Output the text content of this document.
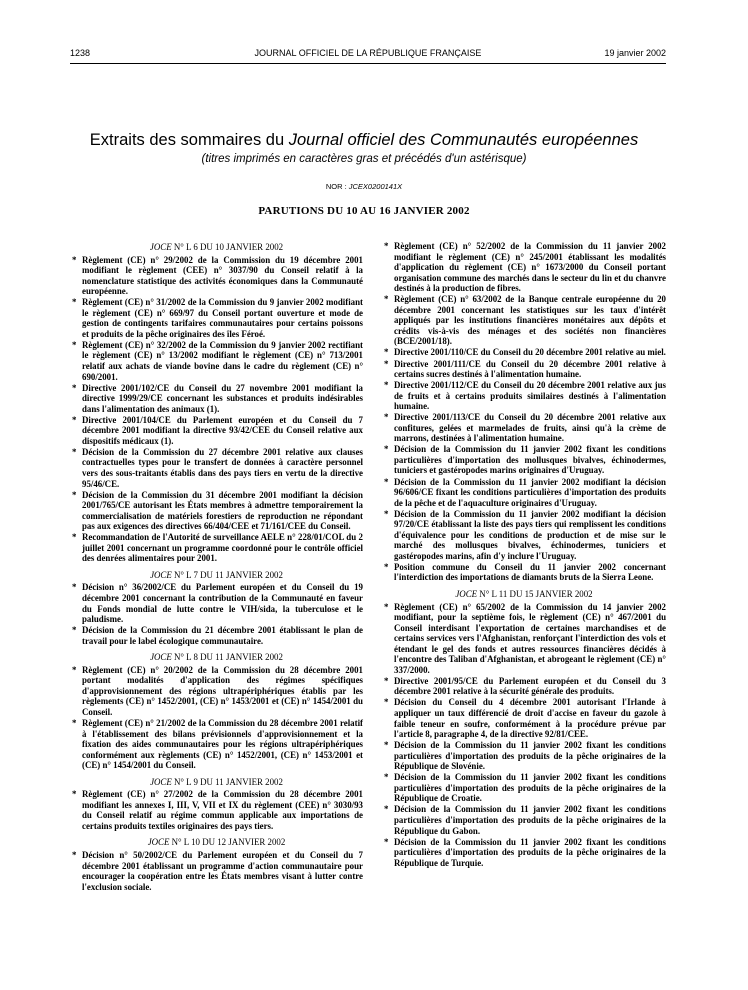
1238	JOURNAL OFFICIEL DE LA RÉPUBLIQUE FRANÇAISE	19 janvier 2002
Extraits des sommaires du Journal officiel des Communautés européennes
(titres imprimés en caractères gras et précédés d'un astérisque)
NOR : JCEX0200141X
PARUTIONS DU 10 AU 16 JANVIER 2002
JOCE N° L 6 DU 10 JANVIER 2002
* Règlement (CE) n° 29/2002 de la Commission du 19 décembre 2001 modifiant le règlement (CEE) n° 3037/90 du Conseil relatif à la nomenclature statistique des activités économiques dans la Communauté européenne.
* Règlement (CE) n° 31/2002 de la Commission du 9 janvier 2002 modifiant le règlement (CE) n° 669/97 du Conseil portant ouverture et mode de gestion de contingents tarifaires communautaires pour certains poissons et produits de la pêche originaires des îles Féroé.
* Règlement (CE) n° 32/2002 de la Commission du 9 janvier 2002 rectifiant le règlement (CE) n° 13/2002 modifiant le règlement (CE) n° 713/2001 relatif aux achats de viande bovine dans le cadre du règlement (CE) n° 690/2001.
* Directive 2001/102/CE du Conseil du 27 novembre 2001 modifiant la directive 1999/29/CE concernant les substances et produits indésirables dans l'alimentation des animaux (1).
* Directive 2001/104/CE du Parlement européen et du Conseil du 7 décembre 2001 modifiant la directive 93/42/CEE du Conseil relative aux dispositifs médicaux (1).
* Décision de la Commission du 27 décembre 2001 relative aux clauses contractuelles types pour le transfert de données à caractère personnel vers des sous-traitants établis dans des pays tiers en vertu de la directive 95/46/CE.
* Décision de la Commission du 31 décembre 2001 modifiant la décision 2001/765/CE autorisant les États membres à admettre temporairement la commercialisation de matériels forestiers de reproduction ne répondant pas aux exigences des directives 66/404/CEE et 71/161/CEE du Conseil.
* Recommandation de l'Autorité de surveillance AELE n° 228/01/COL du 2 juillet 2001 concernant un programme coordonné pour le contrôle officiel des denrées alimentaires pour 2001.
JOCE N° L 7 DU 11 JANVIER 2002
* Décision n° 36/2002/CE du Parlement européen et du Conseil du 19 décembre 2001 concernant la contribution de la Communauté en faveur du Fonds mondial de lutte contre le VIH/sida, la tuberculose et le paludisme.
* Décision de la Commission du 21 décembre 2001 établissant le plan de travail pour le label écologique communautaire.
JOCE N° L 8 DU 11 JANVIER 2002
* Règlement (CE) n° 20/2002 de la Commission du 28 décembre 2001 portant modalités d'application des régimes spécifiques d'approvisionnement des régions ultrapériphériques établis par les règlements (CE) n° 1452/2001, (CE) n° 1453/2001 et (CE) n° 1454/2001 du Conseil.
* Règlement (CE) n° 21/2002 de la Commission du 28 décembre 2001 relatif à l'établissement des bilans prévisionnels d'approvisionnement et la fixation des aides communautaires pour les régions ultrapériphériques conformément aux règlements (CE) n° 1452/2001, (CE) n° 1453/2001 et (CE) n° 1454/2001 du Conseil.
JOCE N° L 9 DU 11 JANVIER 2002
* Règlement (CE) n° 27/2002 de la Commission du 28 décembre 2001 modifiant les annexes I, III, V, VII et IX du règlement (CEE) n° 3030/93 du Conseil relatif au régime commun applicable aux importations de certains produits textiles originaires des pays tiers.
JOCE N° L 10 DU 12 JANVIER 2002
* Décision n° 50/2002/CE du Parlement européen et du Conseil du 7 décembre 2001 établissant un programme d'action communautaire pour encourager la coopération entre les États membres visant à lutter contre l'exclusion sociale.
* Règlement (CE) n° 52/2002 de la Commission du 11 janvier 2002 modifiant le règlement (CE) n° 245/2001 établissant les modalités d'application du règlement (CE) n° 1673/2000 du Conseil portant organisation commune des marchés dans le secteur du lin et du chanvre destinés à la production de fibres.
* Règlement (CE) n° 63/2002 de la Banque centrale européenne du 20 décembre 2001 concernant les statistiques sur les taux d'intérêt appliqués par les institutions financières monétaires aux dépôts et crédits vis-à-vis des ménages et des sociétés non financières (BCE/2001/18).
* Directive 2001/110/CE du Conseil du 20 décembre 2001 relative au miel.
* Directive 2001/111/CE du Conseil du 20 décembre 2001 relative à certains sucres destinés à l'alimentation humaine.
* Directive 2001/112/CE du Conseil du 20 décembre 2001 relative aux jus de fruits et à certains produits similaires destinés à l'alimentation humaine.
* Directive 2001/113/CE du Conseil du 20 décembre 2001 relative aux confitures, gelées et marmelades de fruits, ainsi qu'à la crème de marrons, destinées à l'alimentation humaine.
* Décision de la Commission du 11 janvier 2002 fixant les conditions particulières d'importation des mollusques bivalves, échinodermes, tuniciers et gastéropodes marins originaires d'Uruguay.
* Décision de la Commission du 11 janvier 2002 modifiant la décision 96/606/CE fixant les conditions particulières d'importation des produits de la pêche et de l'aquaculture originaires d'Uruguay.
* Décision de la Commission du 11 janvier 2002 modifiant la décision 97/20/CE établissant la liste des pays tiers qui remplissent les conditions d'équivalence pour les conditions de production et de mise sur le marché des mollusques bivalves, échinodermes, tuniciers et gastéropodes marins, afin d'y inclure l'Uruguay.
* Position commune du Conseil du 11 janvier 2002 concernant l'interdiction des importations de diamants bruts de la Sierra Leone.
JOCE N° L 11 DU 15 JANVIER 2002
* Règlement (CE) n° 65/2002 de la Commission du 14 janvier 2002 modifiant, pour la septième fois, le règlement (CE) n° 467/2001 du Conseil interdisant l'exportation de certaines marchandises et de certains services vers l'Afghanistan, renforçant l'interdiction des vols et étendant le gel des fonds et autres ressources financières décidés à l'encontre des Taliban d'Afghanistan, et abrogeant le règlement (CE) n° 337/2000.
* Directive 2001/95/CE du Parlement européen et du Conseil du 3 décembre 2001 relative à la sécurité générale des produits.
* Décision du Conseil du 4 décembre 2001 autorisant l'Irlande à appliquer un taux différencié de droit d'accise en faveur du gazole à faible teneur en soufre, conformément à la procédure prévue par l'article 8, paragraphe 4, de la directive 92/81/CEE.
* Décision de la Commission du 11 janvier 2002 fixant les conditions particulières d'importation des produits de la pêche originaires de la République de Slovénie.
* Décision de la Commission du 11 janvier 2002 fixant les conditions particulières d'importation des produits de la pêche originaires de la République de Croatie.
* Décision de la Commission du 11 janvier 2002 fixant les conditions particulières d'importation des produits de la pêche originaires de la République du Gabon.
* Décision de la Commission du 11 janvier 2002 fixant les conditions particulières d'importation des produits de la pêche originaires de la République de Turquie.
